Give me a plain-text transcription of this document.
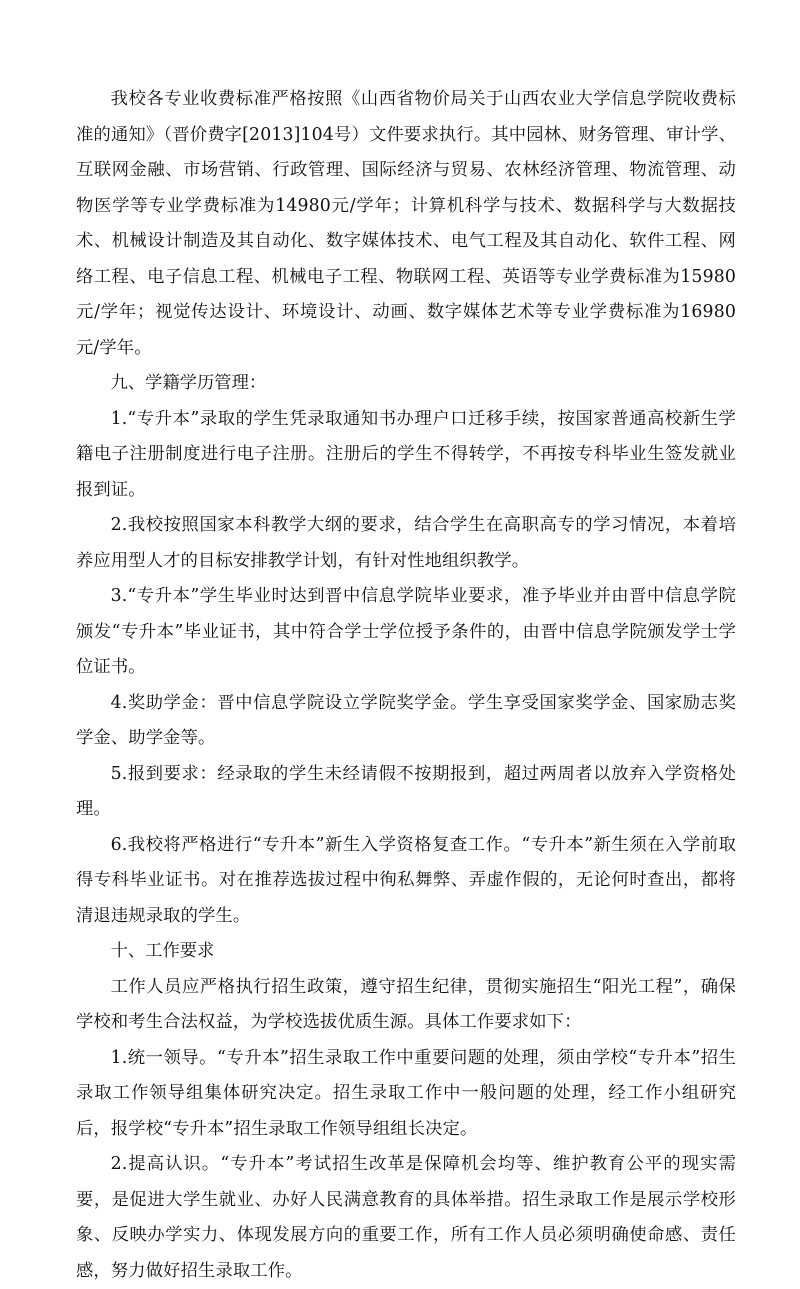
我校各专业收费标准严格按照《山西省物价局关于山西农业大学信息学院收费标准的通知》（晋价费字[2013]104号）文件要求执行。其中园林、财务管理、审计学、互联网金融、市场营销、行政管理、国际经济与贸易、农林经济管理、物流管理、动物医学等专业学费标准为14980元/学年；计算机科学与技术、数据科学与大数据技术、机械设计制造及其自动化、数字媒体技术、电气工程及其自动化、软件工程、网络工程、电子信息工程、机械电子工程、物联网工程、英语等专业学费标准为15980元/学年；视觉传达设计、环境设计、动画、数字媒体艺术等专业学费标准为16980元/学年。

九、学籍学历管理：

1.“专升本”录取的学生凭录取通知书办理户口迁移手续，按国家普通高校新生学籍电子注册制度进行电子注册。注册后的学生不得转学，不再按专科毕业生签发就业报到证。

2.我校按照国家本科教学大纲的要求，结合学生在高职高专的学习情况，本着培养应用型人才的目标安排教学计划，有针对性地组织教学。

3.“专升本”学生毕业时达到晋中信息学院毕业要求，准予毕业并由晋中信息学院颁发“专升本”毕业证书，其中符合学士学位授予条件的，由晋中信息学院颁发学士学位证书。

4.奖助学金：晋中信息学院设立学院奖学金。学生享受国家奖学金、国家励志奖学金、助学金等。

5.报到要求：经录取的学生未经请假不按期报到，超过两周者以放弃入学资格处理。

6.我校将严格进行“专升本”新生入学资格复查工作。“专升本”新生须在入学前取得专科毕业证书。对在推荐选拔过程中徇私舞弊、弄虚作假的，无论何时查出，都将清退违规录取的学生。

十、工作要求

工作人员应严格执行招生政策，遵守招生纪律，贯彻实施招生“阳光工程”，确保学校和考生合法权益，为学校选拔优质生源。具体工作要求如下：

1.统一领导。“专升本”招生录取工作中重要问题的处理，须由学校“专升本”招生录取工作领导组集体研究决定。招生录取工作中一般问题的处理，经工作小组研究后，报学校“专升本”招生录取工作领导组组长决定。

2.提高认识。“专升本”考试招生改革是保障机会均等、维护教育公平的现实需要，是促进大学生就业、办好人民满意教育的具体举措。招生录取工作是展示学校形象、反映办学实力、体现发展方向的重要工作，所有工作人员必须明确使命感、责任感，努力做好招生录取工作。
